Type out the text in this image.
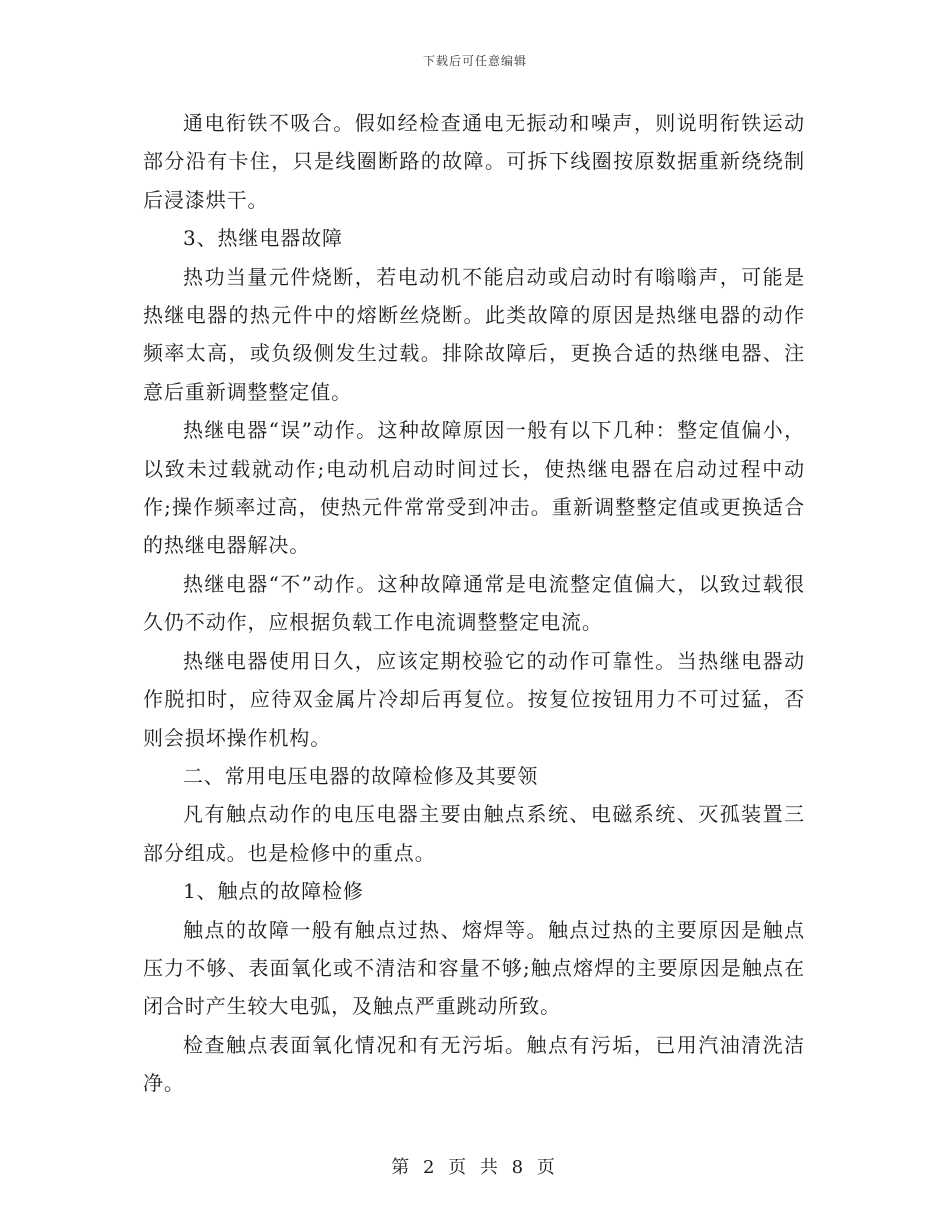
下载后可任意编辑

通电衔铁不吸合。假如经检查通电无振动和噪声，则说明衔铁运动部分沿有卡住，只是线圈断路的故障。可拆下线圈按原数据重新绕绕制后浸漆烘干。

3、热继电器故障

热功当量元件烧断，若电动机不能启动或启动时有嗡嗡声，可能是热继电器的热元件中的熔断丝烧断。此类故障的原因是热继电器的动作频率太高，或负级侧发生过载。排除故障后，更换合适的热继电器、注意后重新调整整定值。

热继电器“误”动作。这种故障原因一般有以下几种：整定值偏小，以致未过载就动作;电动机启动时间过长，使热继电器在启动过程中动作;操作频率过高，使热元件常常受到冲击。重新调整整定值或更换适合的热继电器解决。

热继电器“不”动作。这种故障通常是电流整定值偏大，以致过载很久仍不动作，应根据负载工作电流调整整定电流。

热继电器使用日久，应该定期校验它的动作可靠性。当热继电器动作脱扣时，应待双金属片冷却后再复位。按复位按钮用力不可过猛，否则会损坏操作机构。

二、常用电压电器的故障检修及其要领

凡有触点动作的电压电器主要由触点系统、电磁系统、灭孤装置三部分组成。也是检修中的重点。

1、触点的故障检修

触点的故障一般有触点过热、熔焊等。触点过热的主要原因是触点压力不够、表面氧化或不清洁和容量不够;触点熔焊的主要原因是触点在闭合时产生较大电弧，及触点严重跳动所致。

检查触点表面氧化情况和有无污垢。触点有污垢，已用汽油清洗洁净。

第 2 页 共 8 页
